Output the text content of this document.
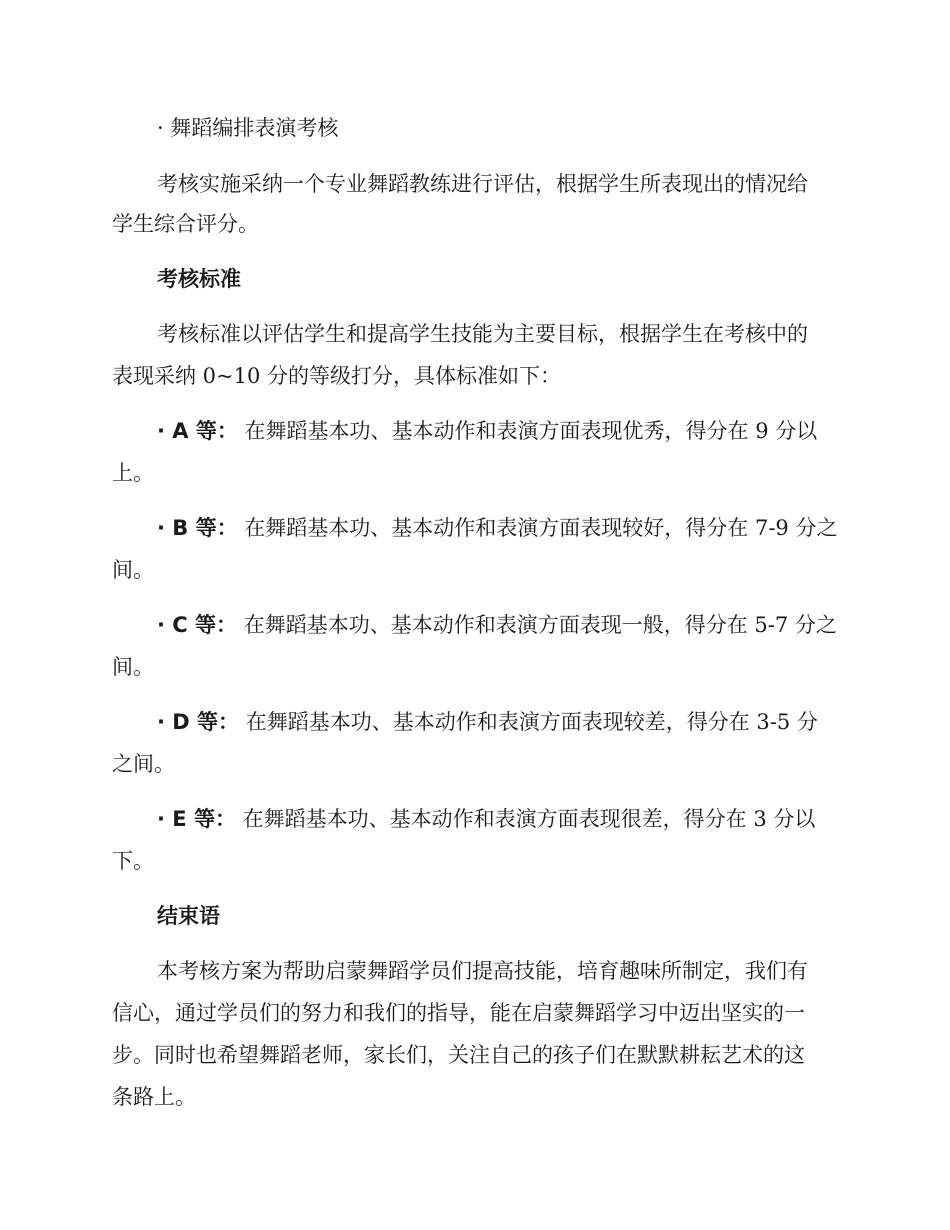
· 舞蹈编排表演考核
考核实施采纳一个专业舞蹈教练进行评估，根据学生所表现出的情况给
学生综合评分。
考核标准
考核标准以评估学生和提高学生技能为主要目标，根据学生在考核中的
表现采纳 0~10 分的等级打分，具体标准如下：
· A 等： 在舞蹈基本功、基本动作和表演方面表现优秀，得分在 9 分以
上。
· B 等： 在舞蹈基本功、基本动作和表演方面表现较好，得分在 7-9 分之
间。
· C 等： 在舞蹈基本功、基本动作和表演方面表现一般，得分在 5-7 分之
间。
· D 等： 在舞蹈基本功、基本动作和表演方面表现较差，得分在 3-5 分
之间。
· E 等： 在舞蹈基本功、基本动作和表演方面表现很差，得分在 3 分以
下。
结束语
本考核方案为帮助启蒙舞蹈学员们提高技能，培育趣味所制定，我们有
信心，通过学员们的努力和我们的指导，能在启蒙舞蹈学习中迈出坚实的一
步。同时也希望舞蹈老师，家长们，关注自己的孩子们在默默耕耘艺术的这
条路上。
